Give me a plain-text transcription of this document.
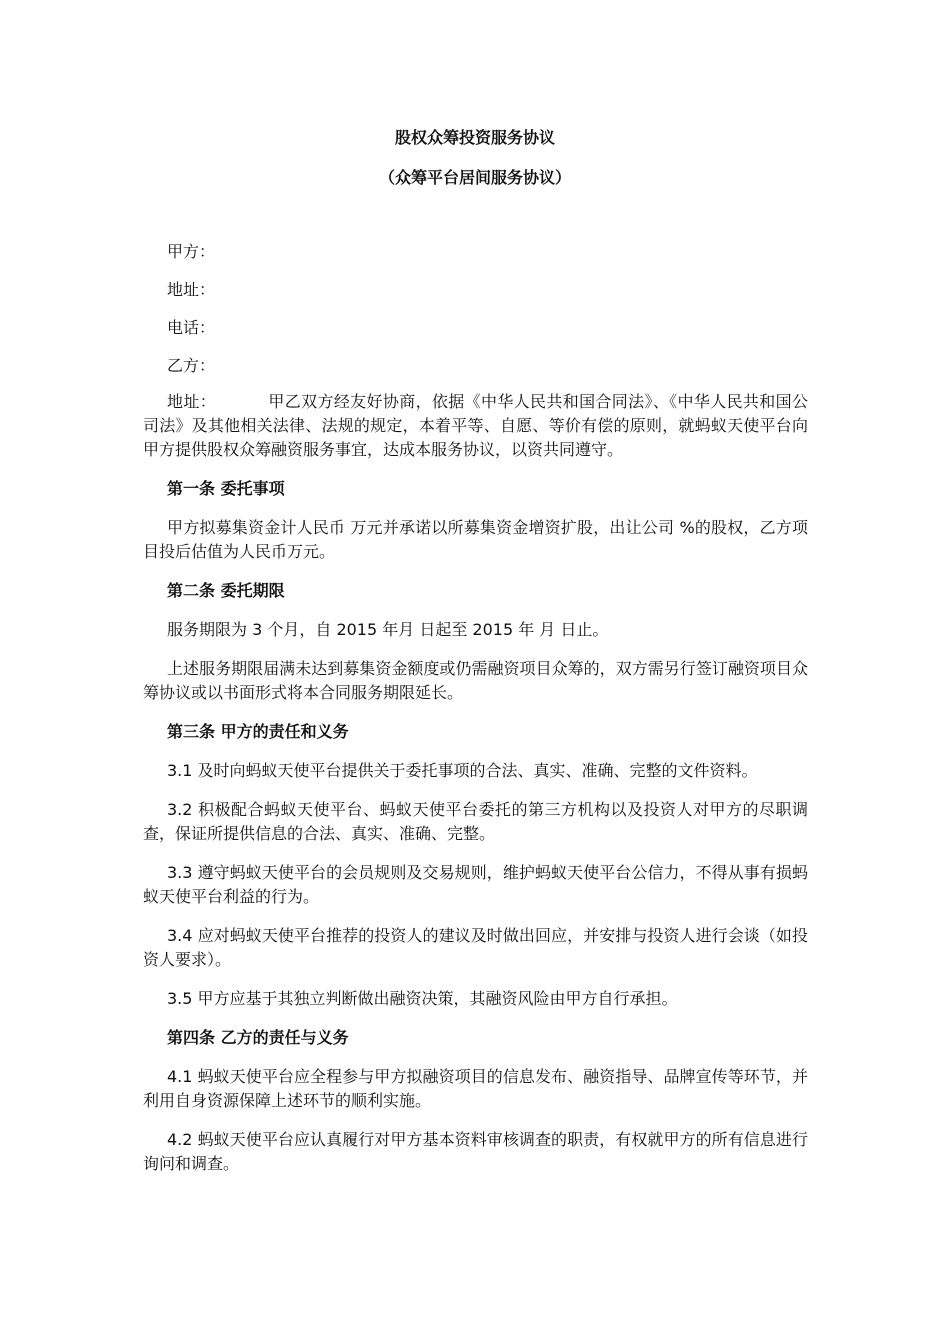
股权众筹投资服务协议
（众筹平台居间服务协议）

甲方：

地址：

电话：

乙方：

地址：	甲乙双方经友好协商，依据《中华人民共和国合同法》、《中华人民共和国公司法》及其他相关法律、法规的规定，本着平等、自愿、等价有偿的原则，就蚂蚁天使平台向甲方提供股权众筹融资服务事宜，达成本服务协议，以资共同遵守。

第一条 委托事项

甲方拟募集资金计人民币 万元并承诺以所募集资金增资扩股，出让公司 %的股权，乙方项目投后估值为人民币万元。

第二条 委托期限

服务期限为 3 个月，自 2015 年月 日起至 2015 年 月 日止。

上述服务期限届满未达到募集资金额度或仍需融资项目众筹的，双方需另行签订融资项目众筹协议或以书面形式将本合同服务期限延长。

第三条 甲方的责任和义务

3.1 及时向蚂蚁天使平台提供关于委托事项的合法、真实、准确、完整的文件资料。

3.2 积极配合蚂蚁天使平台、蚂蚁天使平台委托的第三方机构以及投资人对甲方的尽职调查，保证所提供信息的合法、真实、准确、完整。

3.3 遵守蚂蚁天使平台的会员规则及交易规则，维护蚂蚁天使平台公信力，不得从事有损蚂蚁天使平台利益的行为。

3.4 应对蚂蚁天使平台推荐的投资人的建议及时做出回应，并安排与投资人进行会谈（如投资人要求）。

3.5 甲方应基于其独立判断做出融资决策，其融资风险由甲方自行承担。

第四条 乙方的责任与义务

4.1 蚂蚁天使平台应全程参与甲方拟融资项目的信息发布、融资指导、品牌宣传等环节，并利用自身资源保障上述环节的顺利实施。

4.2 蚂蚁天使平台应认真履行对甲方基本资料审核调查的职责，有权就甲方的所有信息进行询问和调查。
